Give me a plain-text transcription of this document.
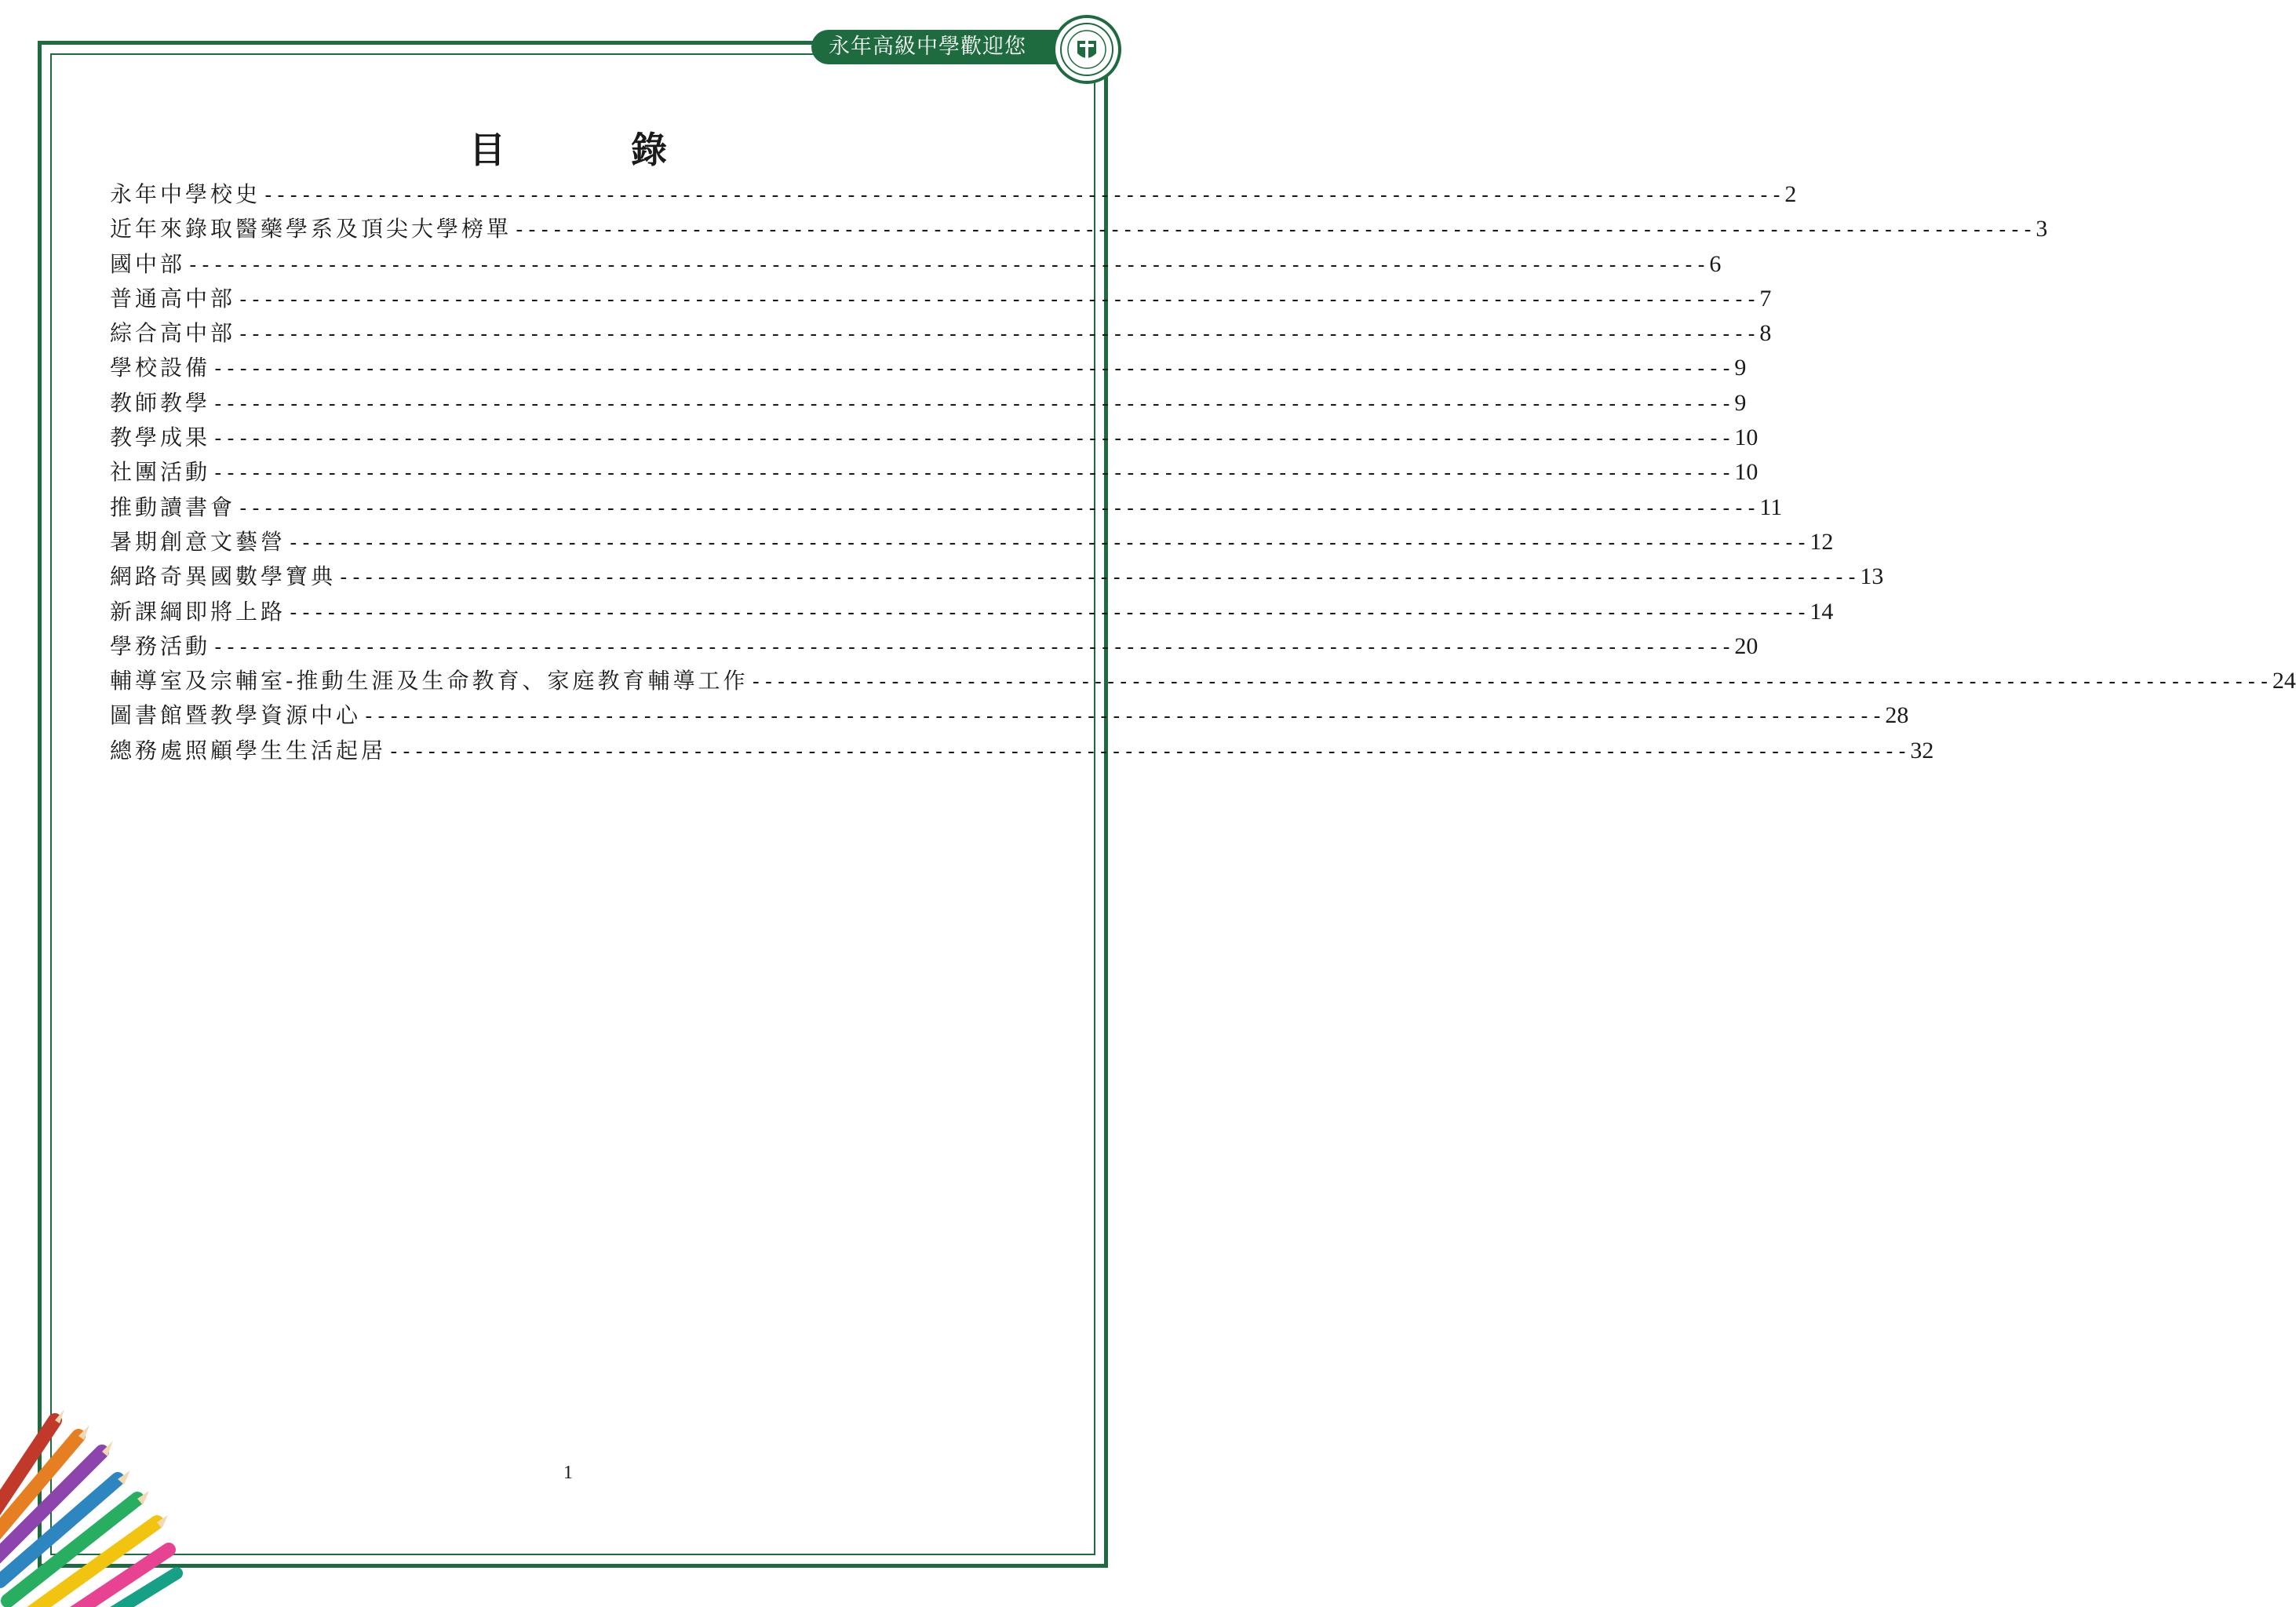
永年高級中學歡迎您
目錄
永年中學校史 ------------------------------------------------------------------------------------------------------------------------ 2
近年來錄取醫藥學系及頂尖大學榜單 ------------------------------------------------------------------------------------------------------------------------ 3
國中部 ------------------------------------------------------------------------------------------------------------------------ 6
普通高中部 ------------------------------------------------------------------------------------------------------------------------ 7
綜合高中部 ------------------------------------------------------------------------------------------------------------------------ 8
學校設備 ------------------------------------------------------------------------------------------------------------------------ 9
教師教學 ------------------------------------------------------------------------------------------------------------------------ 9
教學成果 ------------------------------------------------------------------------------------------------------------------------ 10
社團活動 ------------------------------------------------------------------------------------------------------------------------ 10
推動讀書會 ------------------------------------------------------------------------------------------------------------------------ 11
暑期創意文藝營 ------------------------------------------------------------------------------------------------------------------------ 12
網路奇異國數學寶典 ------------------------------------------------------------------------------------------------------------------------ 13
新課綱即將上路 ------------------------------------------------------------------------------------------------------------------------ 14
學務活動 ------------------------------------------------------------------------------------------------------------------------ 20
輔導室及宗輔室-推動生涯及生命教育、家庭教育輔導工作 ------------------------------------------------------------------------------------------------------------------------ 24
圖書館暨教學資源中心 ------------------------------------------------------------------------------------------------------------------------ 28
總務處照顧學生生活起居 ------------------------------------------------------------------------------------------------------------------------ 32
1
